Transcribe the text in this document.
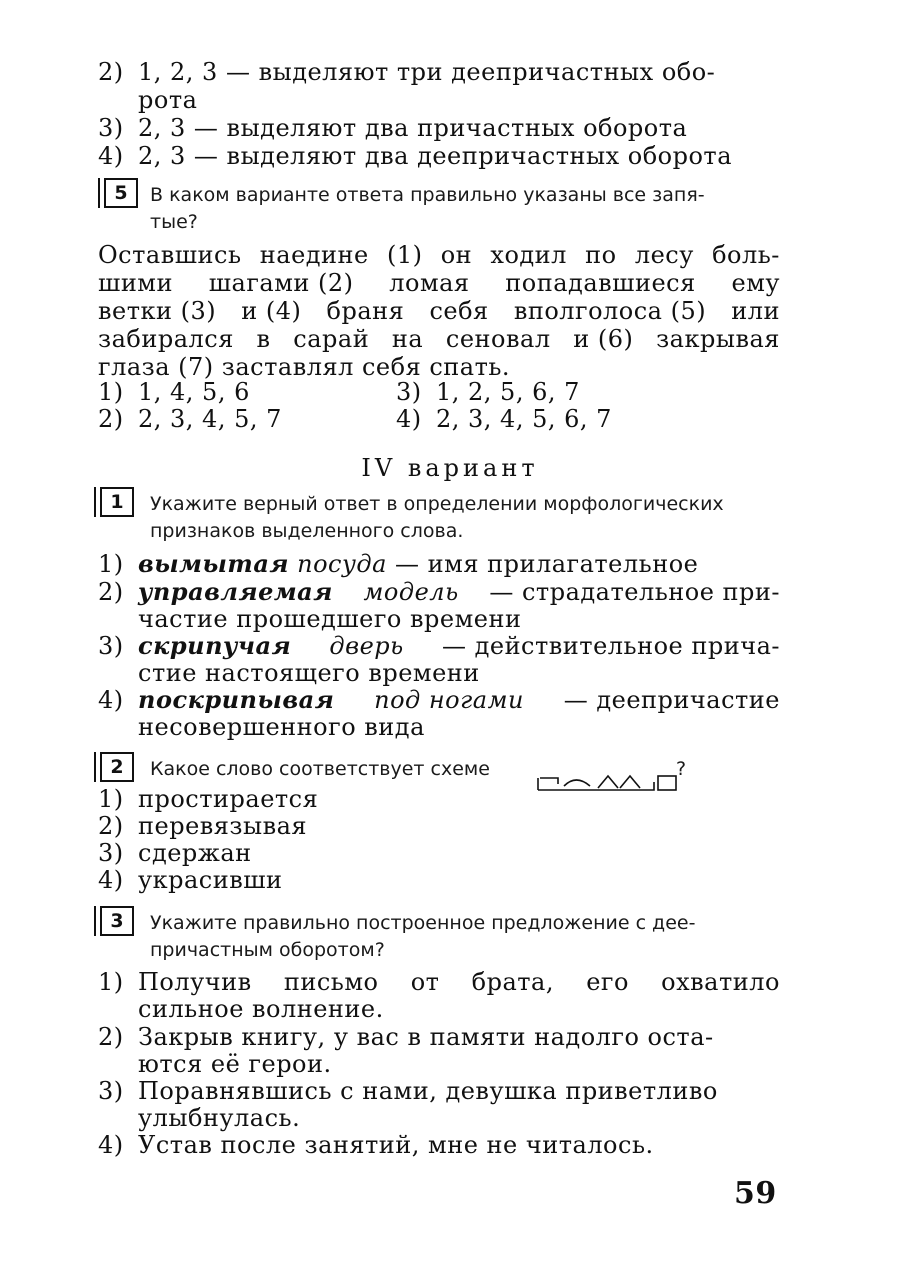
2) 1, 2, 3 — выделяют три деепричастных обо-
рота
3) 2, 3 — выделяют два причастных оборота
4) 2, 3 — выделяют два деепричастных оборота
5	В каком варианте ответа правильно указаны все запя-
тые?
Оставшись наедине (1) он ходил по лесу боль-
шими шагами (2) ломая попадавшиеся ему
ветки (3) и (4) браня себя вполголоса (5) или
забирался в сарай на сеновал и (6) закрывая
глаза (7) заставлял себя спать.
1) 1, 4, 5, 6	3) 1, 2, 5, 6, 7
2) 2, 3, 4, 5, 7	4) 2, 3, 4, 5, 6, 7
IV вариант
1	Укажите верный ответ в определении морфологических
признаков выделенного слова.
1) вымытая посуда — имя прилагательное
2) управляемая модель — страдательное при-
частие прошедшего времени
3) скрипучая дверь — действительное прича-
стие настоящего времени
4) поскрипывая под ногами — деепричастие
несовершенного вида
2	Какое слово соответствует схеме	?
1) простирается
2) перевязывая
3) сдержан
4) украсивши
3	Укажите правильно построенное предложение с дее-
причастным оборотом?
1) Получив письмо от брата, его охватило
сильное волнение.
2) Закрыв книгу, у вас в памяти надолго оста-
ются её герои.
3) Поравнявшись с нами, девушка приветливо
улыбнулась.
4) Устав после занятий, мне не читалось.
59
